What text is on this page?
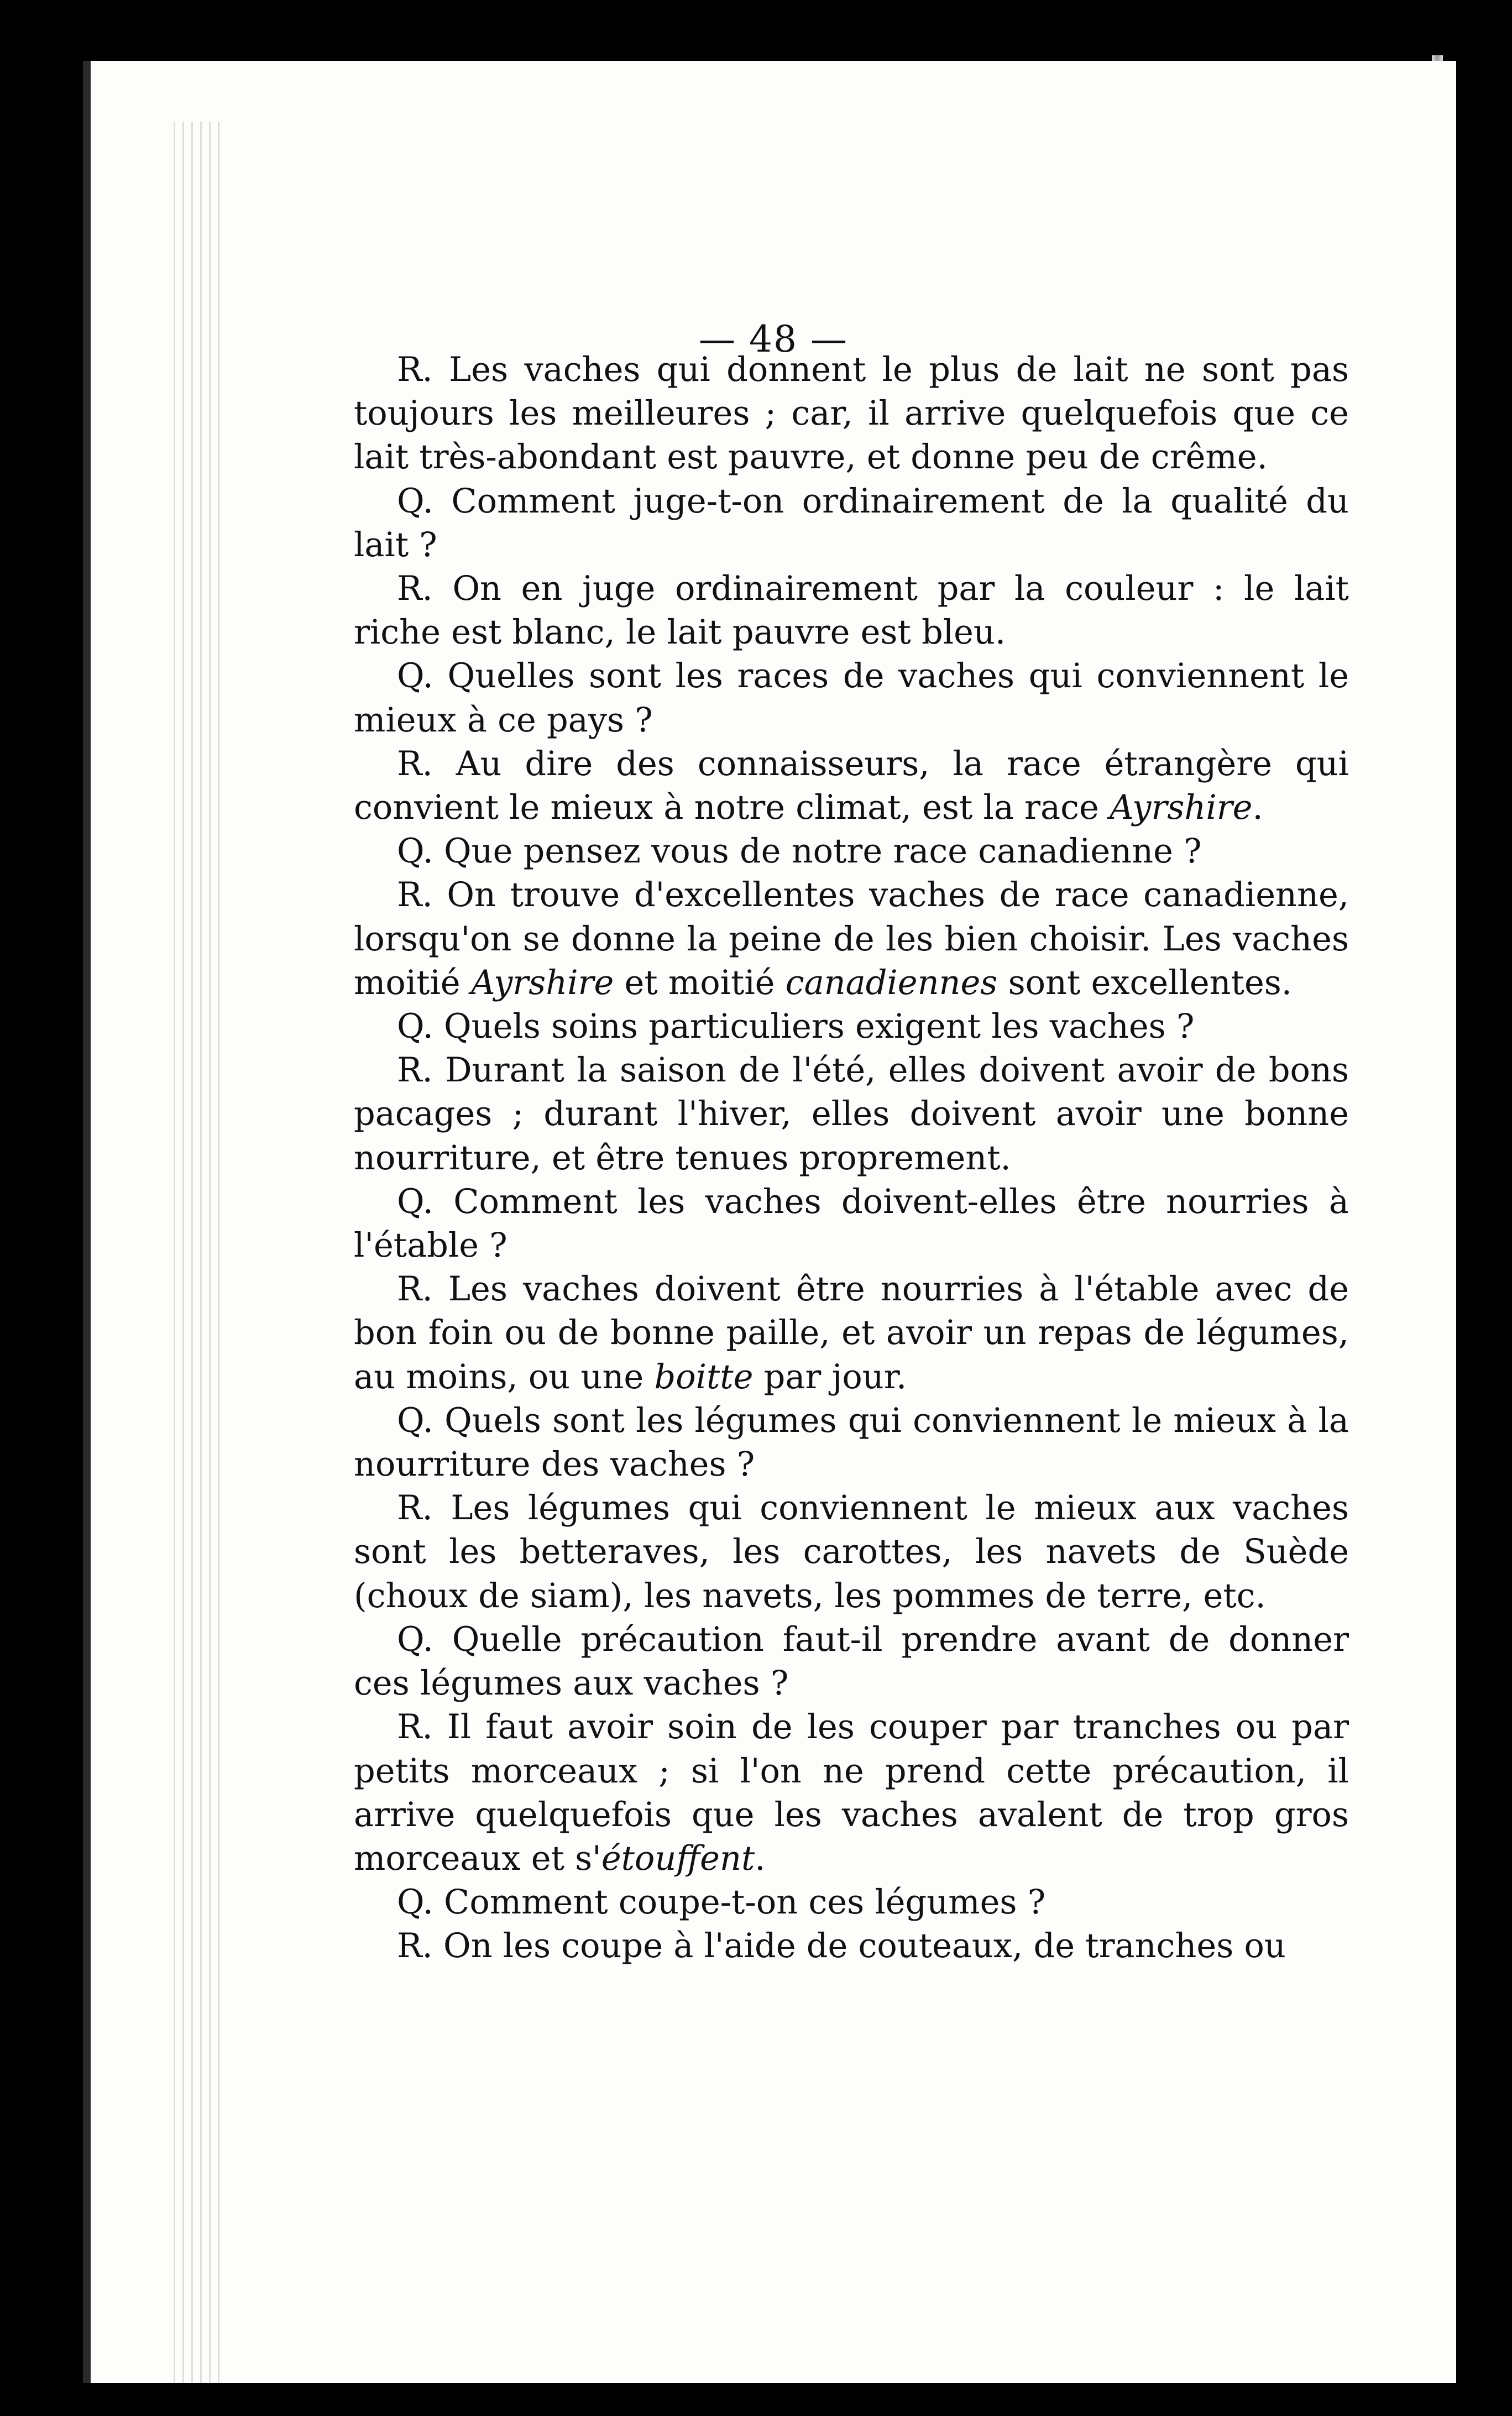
— 48 —

R. Les vaches qui donnent le plus de lait ne sont pas toujours les meilleures ; car, il arrive quelquefois que ce lait très-abondant est pauvre, et donne peu de crême.

Q. Comment juge-t-on ordinairement de la qualité du lait ?

R. On en juge ordinairement par la couleur : le lait riche est blanc, le lait pauvre est bleu.

Q. Quelles sont les races de vaches qui conviennent le mieux à ce pays ?

R. Au dire des connaisseurs, la race étrangère qui convient le mieux à notre climat, est la race Ayrshire.

Q. Que pensez vous de notre race canadienne ?

R. On trouve d'excellentes vaches de race canadienne, lorsqu'on se donne la peine de les bien choisir. Les vaches moitié Ayrshire et moitié canadiennes sont excellentes.

Q. Quels soins particuliers exigent les vaches ?

R. Durant la saison de l'été, elles doivent avoir de bons pacages ; durant l'hiver, elles doivent avoir une bonne nourriture, et être tenues proprement.

Q. Comment les vaches doivent-elles être nourries à l'étable ?

R. Les vaches doivent être nourries à l'étable avec de bon foin ou de bonne paille, et avoir un repas de légumes, au moins, ou une boitte par jour.

Q. Quels sont les légumes qui conviennent le mieux à la nourriture des vaches ?

R. Les légumes qui conviennent le mieux aux vaches sont les betteraves, les carottes, les navets de Suède (choux de siam), les navets, les pommes de terre, etc.

Q. Quelle précaution faut-il prendre avant de donner ces légumes aux vaches ?

R. Il faut avoir soin de les couper par tranches ou par petits morceaux ; si l'on ne prend cette précaution, il arrive quelquefois que les vaches avalent de trop gros morceaux et s'étouffent.

Q. Comment coupe-t-on ces légumes ?

R. On les coupe à l'aide de couteaux, de tranches ou
